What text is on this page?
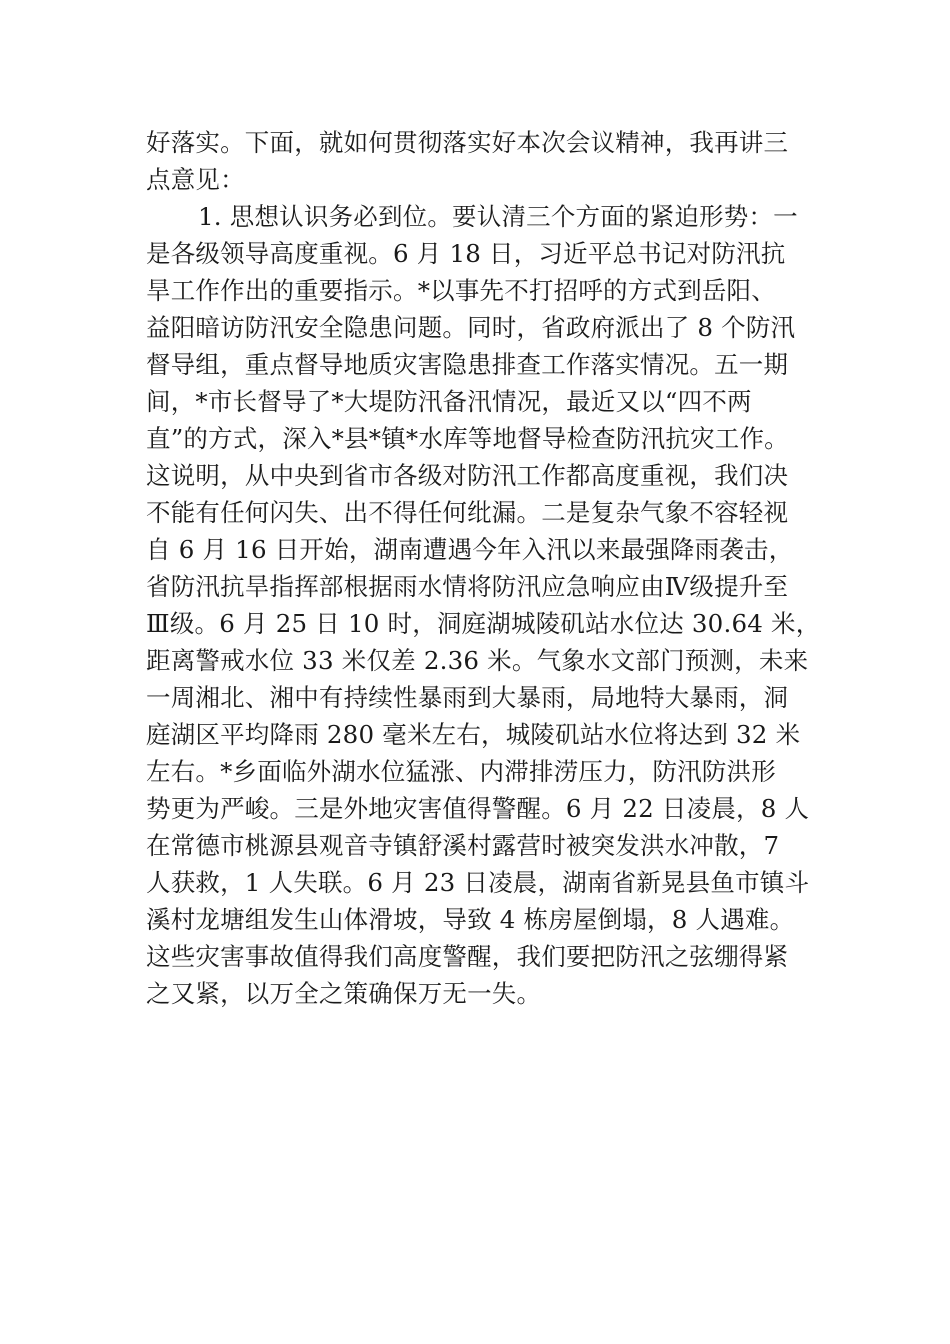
好落实。下面，就如何贯彻落实好本次会议精神，我再讲三
点意见：
1. 思想认识务必到位。要认清三个方面的紧迫形势：一
是各级领导高度重视。6 月 18 日，习近平总书记对防汛抗
旱工作作出的重要指示。*以事先不打招呼的方式到岳阳、
益阳暗访防汛安全隐患问题。同时，省政府派出了 8 个防汛
督导组，重点督导地质灾害隐患排查工作落实情况。五一期
间，*市长督导了*大堤防汛备汛情况，最近又以“四不两
直”的方式，深入*县*镇*水库等地督导检查防汛抗灾工作。
这说明，从中央到省市各级对防汛工作都高度重视，我们决
不能有任何闪失、出不得任何纰漏。二是复杂气象不容轻视
自 6 月 16 日开始，湖南遭遇今年入汛以来最强降雨袭击，
省防汛抗旱指挥部根据雨水情将防汛应急响应由Ⅳ级提升至
Ⅲ级。6 月 25 日 10 时，洞庭湖城陵矶站水位达 30.64 米，
距离警戒水位 33 米仅差 2.36 米。气象水文部门预测，未来
一周湘北、湘中有持续性暴雨到大暴雨，局地特大暴雨，洞
庭湖区平均降雨 280 毫米左右，城陵矶站水位将达到 32 米
左右。*乡面临外湖水位猛涨、内滞排涝压力，防汛防洪形
势更为严峻。三是外地灾害值得警醒。6 月 22 日凌晨，8 人
在常德市桃源县观音寺镇舒溪村露营时被突发洪水冲散，7
人获救，1 人失联。6 月 23 日凌晨，湖南省新晃县鱼市镇斗
溪村龙塘组发生山体滑坡，导致 4 栋房屋倒塌，8 人遇难。
这些灾害事故值得我们高度警醒，我们要把防汛之弦绷得紧
之又紧，以万全之策确保万无一失。
